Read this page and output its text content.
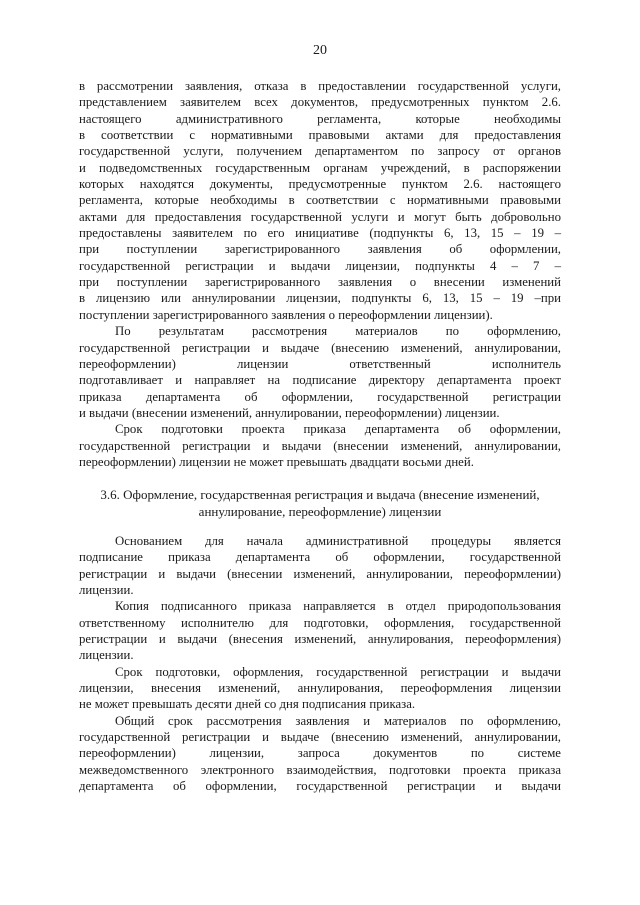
20
в рассмотрении заявления, отказа в предоставлении государственной услуги,
представлением заявителем всех документов, предусмотренных пунктом 2.6.
настоящего административного регламента, которые необходимы
в соответствии с нормативными правовыми актами для предоставления
государственной услуги, получением департаментом по запросу от органов
и подведомственных государственным органам учреждений, в распоряжении
которых находятся документы, предусмотренные пунктом 2.6. настоящего
регламента, которые необходимы в соответствии с нормативными правовыми
актами для предоставления государственной услуги и могут быть добровольно
предоставлены заявителем по его инициативе (подпункты 6, 13, 15 – 19 –
при поступлении зарегистрированного заявления об оформлении,
государственной регистрации и выдачи лицензии, подпункты 4 – 7 –
при поступлении зарегистрированного заявления о внесении изменений
в лицензию или аннулировании лицензии, подпункты 6, 13, 15 – 19 –при
поступлении зарегистрированного заявления о переоформлении лицензии).
По результатам рассмотрения материалов по оформлению,
государственной регистрации и выдаче (внесению изменений, аннулировании,
переоформлении) лицензии ответственный исполнитель
подготавливает и направляет на подписание директору департамента проект
приказа департамента об оформлении, государственной регистрации
и выдачи (внесении изменений, аннулировании, переоформлении) лицензии.
Срок подготовки проекта приказа департамента об оформлении,
государственной регистрации и выдачи (внесении изменений, аннулировании,
переоформлении) лицензии не может превышать двадцати восьми дней.
3.6. Оформление, государственная регистрация и выдача (внесение изменений,
аннулирование, переоформление) лицензии
Основанием для начала административной процедуры является
подписание приказа департамента об оформлении, государственной
регистрации и выдачи (внесении изменений, аннулировании, переоформлении)
лицензии.
Копия подписанного приказа направляется в отдел природопользования
ответственному исполнителю для подготовки, оформления, государственной
регистрации и выдачи (внесения изменений, аннулирования, переоформления)
лицензии.
Срок подготовки, оформления, государственной регистрации и выдачи
лицензии, внесения изменений, аннулирования, переоформления лицензии
не может превышать десяти дней со дня подписания приказа.
Общий срок рассмотрения заявления и материалов по оформлению,
государственной регистрации и выдаче (внесению изменений, аннулировании,
переоформлении) лицензии, запроса документов по системе
межведомственного электронного взаимодействия, подготовки проекта приказа
департамента об оформлении, государственной регистрации и выдачи
